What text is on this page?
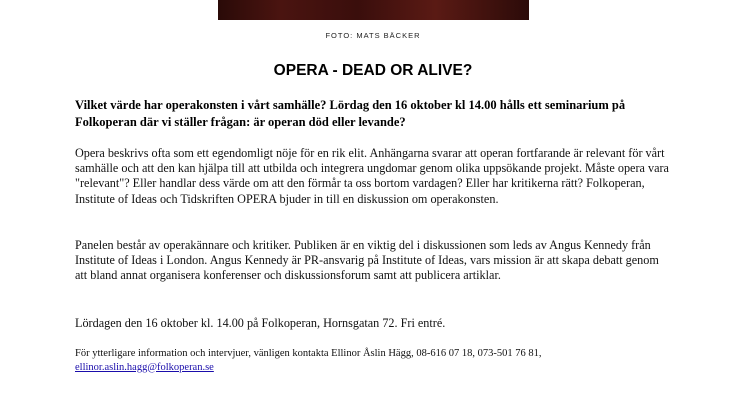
FOTO: MATS BÄCKER
OPERA - DEAD OR ALIVE?
Vilket värde har operakonsten i vårt samhälle? Lördag den 16 oktober kl 14.00 hålls ett seminarium på Folkoperan där vi ställer frågan: är operan död eller levande?
Opera beskrivs ofta som ett egendomligt nöje för en rik elit. Anhängarna svarar att operan fortfarande är relevant för vårt samhälle och att den kan hjälpa till att utbilda och integrera ungdomar genom olika uppsökande projekt. Måste opera vara "relevant"? Eller handlar dess värde om att den förmår ta oss bortom vardagen? Eller har kritikerna rätt? Folkoperan, Institute of Ideas och Tidskriften OPERA bjuder in till en diskussion om operakonsten.
Panelen består av operakännare och kritiker. Publiken är en viktig del i diskussionen som leds av Angus Kennedy från Institute of Ideas i London. Angus Kennedy är PR-ansvarig på Institute of Ideas, vars mission är att skapa debatt genom att bland annat organisera konferenser och diskussionsforum samt att publicera artiklar.
Lördagen den 16 oktober kl. 14.00 på Folkoperan, Hornsgatan 72. Fri entré.
För ytterligare information och intervjuer, vänligen kontakta Ellinor Åslin Hägg, 08-616 07 18, 073-501 76 81,
ellinor.aslin.hagg@folkoperan.se
